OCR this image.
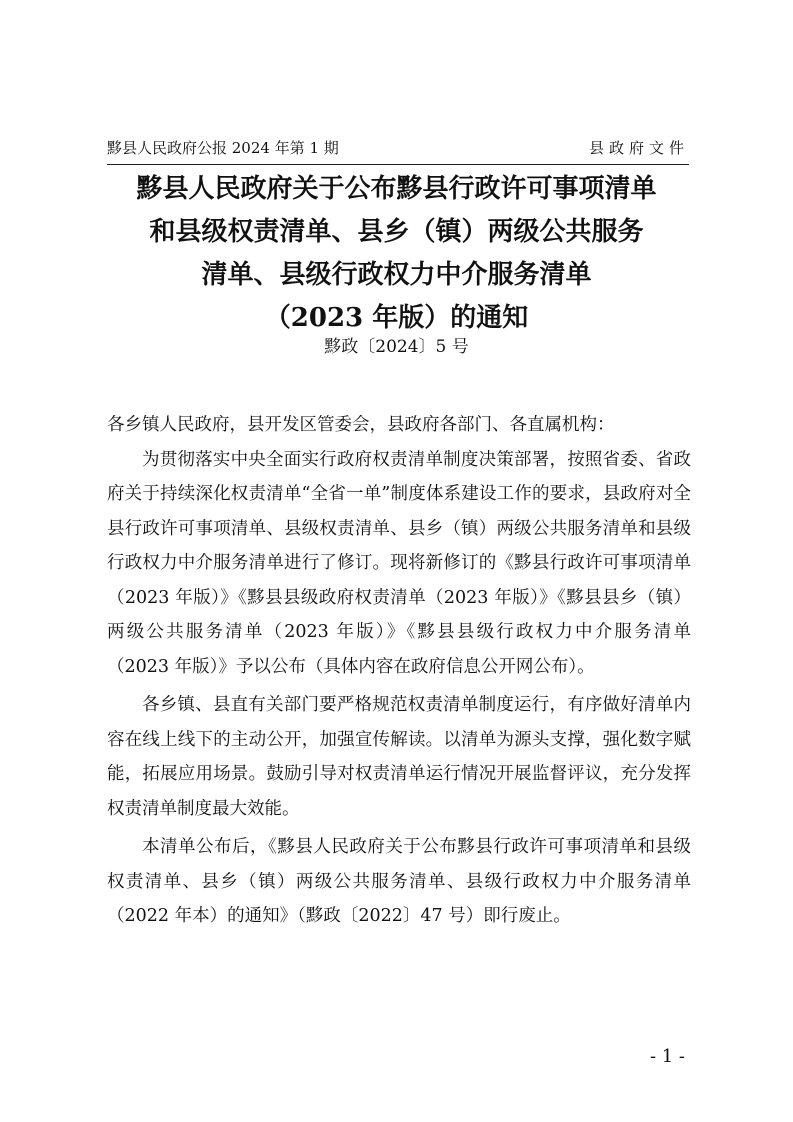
黟县人民政府公报 2024 年第 1 期	县政府文件
黟县人民政府关于公布黟县行政许可事项清单
和县级权责清单、县乡（镇）两级公共服务
清单、县级行政权力中介服务清单
（2023 年版）的通知
黟政〔2024〕5 号

各乡镇人民政府，县开发区管委会，县政府各部门、各直属机构：

为贯彻落实中央全面实行政府权责清单制度决策部署，按照省委、省政府关于持续深化权责清单“全省一单”制度体系建设工作的要求，县政府对全县行政许可事项清单、县级权责清单、县乡（镇）两级公共服务清单和县级行政权力中介服务清单进行了修订。现将新修订的《黟县行政许可事项清单（2023 年版）》《黟县县级政府权责清单（2023 年版）》《黟县县乡（镇）两级公共服务清单（2023 年版）》《黟县县级行政权力中介服务清单（2023 年版）》予以公布（具体内容在政府信息公开网公布）。

各乡镇、县直有关部门要严格规范权责清单制度运行，有序做好清单内容在线上线下的主动公开，加强宣传解读。以清单为源头支撑，强化数字赋能，拓展应用场景。鼓励引导对权责清单运行情况开展监督评议，充分发挥权责清单制度最大效能。

本清单公布后，《黟县人民政府关于公布黟县行政许可事项清单和县级权责清单、县乡（镇）两级公共服务清单、县级行政权力中介服务清单（2022 年本）的通知》（黟政〔2022〕47 号）即行废止。

- 1 -
